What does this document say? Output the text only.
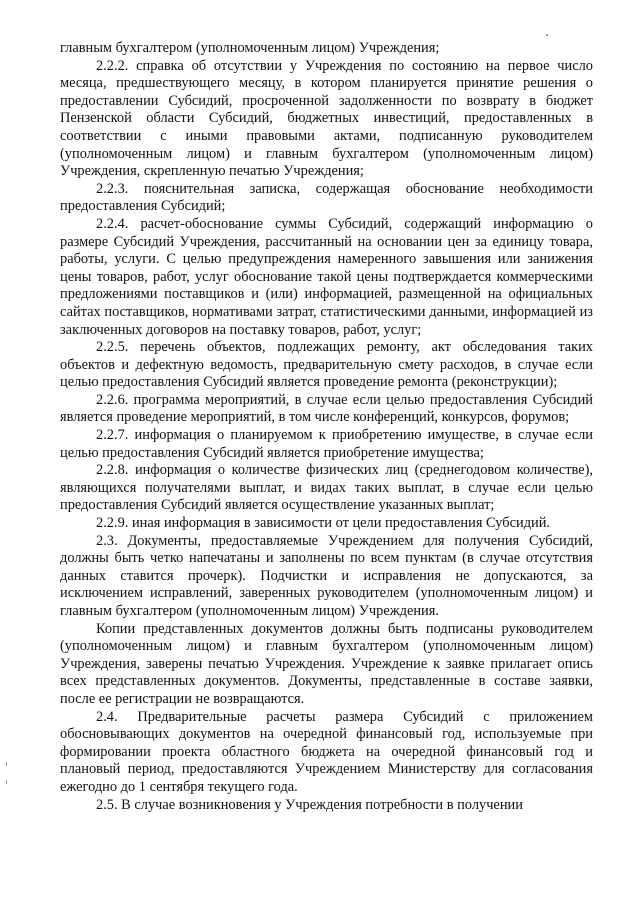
главным бухгалтером (уполномоченным лицом) Учреждения;

2.2.2. справка об отсутствии у Учреждения по состоянию на первое число месяца, предшествующего месяцу, в котором планируется принятие решения о предоставлении Субсидий, просроченной задолженности по возврату в бюджет Пензенской области Субсидий, бюджетных инвестиций, предоставленных в соответствии с иными правовыми актами, подписанную руководителем (уполномоченным лицом) и главным бухгалтером (уполномоченным лицом) Учреждения, скрепленную печатью Учреждения;

2.2.3. пояснительная записка, содержащая обоснование необходимости предоставления Субсидий;

2.2.4. расчет-обоснование суммы Субсидий, содержащий информацию о размере Субсидий Учреждения, рассчитанный на основании цен за единицу товара, работы, услуги. С целью предупреждения намеренного завышения или занижения цены товаров, работ, услуг обоснование такой цены подтверждается коммерческими предложениями поставщиков и (или) информацией, размещенной на официальных сайтах поставщиков, нормативами затрат, статистическими данными, информацией из заключенных договоров на поставку товаров, работ, услуг;

2.2.5. перечень объектов, подлежащих ремонту, акт обследования таких объектов и дефектную ведомость, предварительную смету расходов, в случае если целью предоставления Субсидий является проведение ремонта (реконструкции);

2.2.6. программа мероприятий, в случае если целью предоставления Субсидий является проведение мероприятий, в том числе конференций, конкурсов, форумов;

2.2.7. информация о планируемом к приобретению имуществе, в случае если целью предоставления Субсидий является приобретение имущества;

2.2.8. информация о количестве физических лиц (среднегодовом количестве), являющихся получателями выплат, и видах таких выплат, в случае если целью предоставления Субсидий является осуществление указанных выплат;

2.2.9. иная информация в зависимости от цели предоставления Субсидий.

2.3. Документы, предоставляемые Учреждением для получения Субсидий, должны быть четко напечатаны и заполнены по всем пунктам (в случае отсутствия данных ставится прочерк). Подчистки и исправления не допускаются, за исключением исправлений, заверенных руководителем (уполномоченным лицом) и главным бухгалтером (уполномоченным лицом) Учреждения.

Копии представленных документов должны быть подписаны руководителем (уполномоченным лицом) и главным бухгалтером (уполномоченным лицом) Учреждения, заверены печатью Учреждения. Учреждение к заявке прилагает опись всех представленных документов. Документы, представленные в составе заявки, после ее регистрации не возвращаются.

2.4. Предварительные расчеты размера Субсидий с приложением обосновывающих документов на очередной финансовый год, используемые при формировании проекта областного бюджета на очередной финансовый год и плановый период, предоставляются Учреждением Министерству для согласования ежегодно до 1 сентября текущего года.

2.5. В случае возникновения у Учреждения потребности в получении
